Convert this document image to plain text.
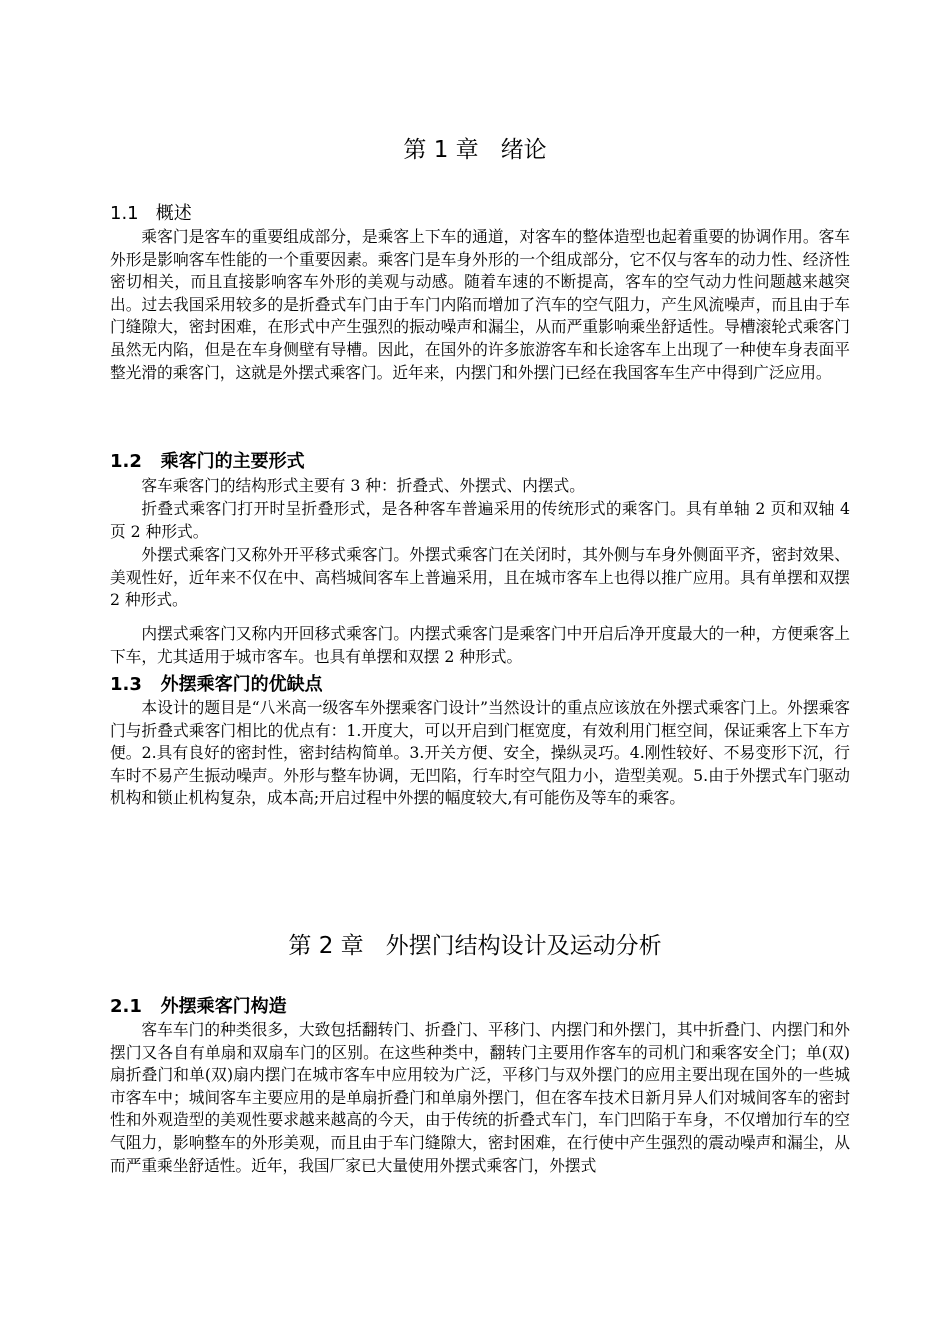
第 1 章   绪论
1.1   概述

乘客门是客车的重要组成部分，是乘客上下车的通道，对客车的整体造型也起着重要的协调作用。客车外形是影响客车性能的一个重要因素。乘客门是车身外形的一个组成部分，它不仅与客车的动力性、经济性密切相关，而且直接影响客车外形的美观与动感。随着车速的不断提高，客车的空气动力性问题越来越突出。过去我国采用较多的是折叠式车门由于车门内陷而增加了汽车的空气阻力，产生风流噪声，而且由于车门缝隙大，密封困难，在形式中产生强烈的振动噪声和漏尘，从而严重影响乘坐舒适性。导槽滚轮式乘客门虽然无内陷，但是在车身侧壁有导槽。因此，在国外的许多旅游客车和长途客车上出现了一种使车身表面平整光滑的乘客门，这就是外摆式乘客门。近年来，内摆门和外摆门已经在我国客车生产中得到广泛应用。

1.2   乘客门的主要形式

客车乘客门的结构形式主要有 3 种：折叠式、外摆式、内摆式。

折叠式乘客门打开时呈折叠形式，是各种客车普遍采用的传统形式的乘客门。具有单轴 2 页和双轴 4 页 2 种形式。

外摆式乘客门又称外开平移式乘客门。外摆式乘客门在关闭时，其外侧与车身外侧面平齐，密封效果、美观性好，近年来不仅在中、高档城间客车上普遍采用，且在城市客车上也得以推广应用。具有单摆和双摆 2 种形式。

内摆式乘客门又称内开回移式乘客门。内摆式乘客门是乘客门中开启后净开度最大的一种，方便乘客上下车，尤其适用于城市客车。也具有单摆和双摆 2 种形式。

1.3   外摆乘客门的优缺点

本设计的题目是“八米高一级客车外摆乘客门设计”当然设计的重点应该放在外摆式乘客门上。外摆乘客门与折叠式乘客门相比的优点有：1.开度大，可以开启到门框宽度，有效利用门框空间，保证乘客上下车方便。2.具有良好的密封性，密封结构简单。3.开关方便、安全，操纵灵巧。4.刚性较好、不易变形下沉，行车时不易产生振动噪声。外形与整车协调，无凹陷，行车时空气阻力小，造型美观。5.由于外摆式车门驱动机构和锁止机构复杂，成本高;开启过程中外摆的幅度较大,有可能伤及等车的乘客。

第 2 章   外摆门结构设计及运动分析
2.1   外摆乘客门构造

客车车门的种类很多，大致包括翻转门、折叠门、平移门、内摆门和外摆门，其中折叠门、内摆门和外摆门又各自有单扇和双扇车门的区别。在这些种类中，翻转门主要用作客车的司机门和乘客安全门；单(双)扇折叠门和单(双)扇内摆门在城市客车中应用较为广泛，平移门与双外摆门的应用主要出现在国外的一些城市客车中；城间客车主要应用的是单扇折叠门和单扇外摆门，但在客车技术日新月异人们对城间客车的密封性和外观造型的美观性要求越来越高的今天，由于传统的折叠式车门，车门凹陷于车身，不仅增加行车的空气阻力，影响整车的外形美观，而且由于车门缝隙大，密封困难，在行使中产生强烈的震动噪声和漏尘，从而严重乘坐舒适性。近年，我国厂家已大量使用外摆式乘客门，外摆式
